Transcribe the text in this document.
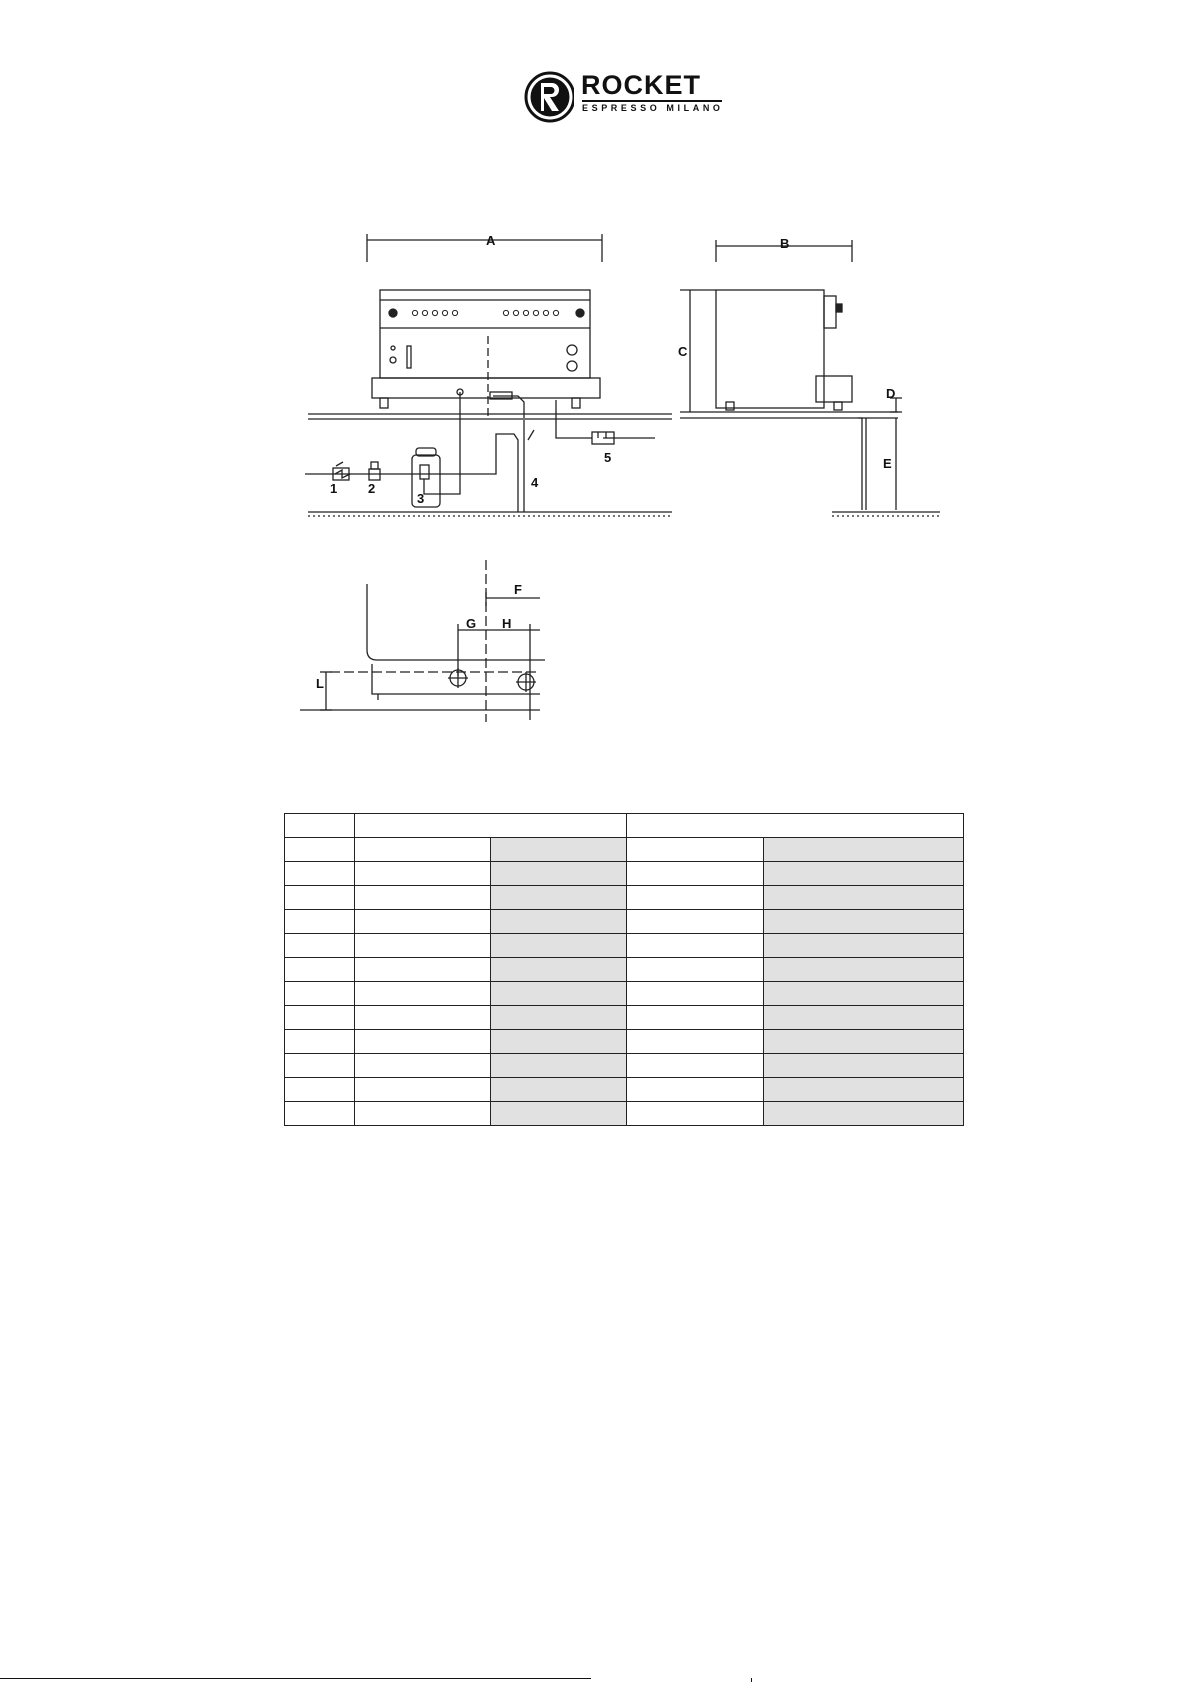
ROCKET
ESPRESSO MILANO
A	B
C
D
E
F
G H
L
1 2
3
4
5
